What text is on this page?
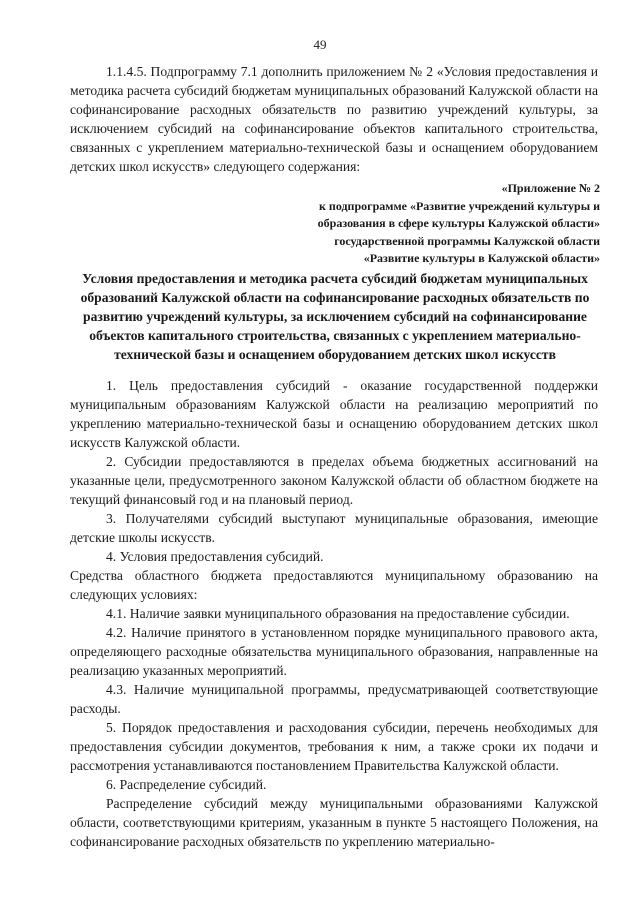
49

1.1.4.5. Подпрограмму 7.1 дополнить приложением № 2 «Условия предоставления и методика расчета субсидий бюджетам муниципальных образований Калужской области на софинансирование расходных обязательств по развитию учреждений культуры, за исключением субсидий на софинансирование объектов капитального строительства, связанных с укреплением материально-технической базы и оснащением оборудованием детских школ искусств» следующего содержания:

«Приложение № 2
к подпрограмме «Развитие учреждений культуры и
образования в сфере культуры Калужской области»
государственной программы Калужской области
«Развитие культуры в Калужской области»
Условия предоставления и методика расчета субсидий бюджетам муниципальных образований Калужской области на софинансирование расходных обязательств по развитию учреждений культуры, за исключением субсидий на софинансирование объектов капитального строительства, связанных с укреплением материально-технической базы и оснащением оборудованием детских школ искусств

1. Цель предоставления субсидий - оказание государственной поддержки муниципальным образованиям Калужской области на реализацию мероприятий по укреплению материально-технической базы и оснащению оборудованием детских школ искусств Калужской области.

2. Субсидии предоставляются в пределах объема бюджетных ассигнований на указанные цели, предусмотренного законом Калужской области об областном бюджете на текущий финансовый год и на плановый период.

3. Получателями субсидий выступают муниципальные образования, имеющие детские школы искусств.

4. Условия предоставления субсидий.

Средства областного бюджета предоставляются муниципальному образованию на следующих условиях:

4.1. Наличие заявки муниципального образования на предоставление субсидии.

4.2. Наличие принятого в установленном порядке муниципального правового акта, определяющего расходные обязательства муниципального образования, направленные на реализацию указанных мероприятий.

4.3. Наличие муниципальной программы, предусматривающей соответствующие расходы.

5. Порядок предоставления и расходования субсидии, перечень необходимых для предоставления субсидии документов, требования к ним, а также сроки их подачи и рассмотрения устанавливаются постановлением Правительства Калужской области.

6. Распределение субсидий.

Распределение субсидий между муниципальными образованиями Калужской области, соответствующими критериям, указанным в пункте 5 настоящего Положения, на софинансирование расходных обязательств по укреплению материально-
